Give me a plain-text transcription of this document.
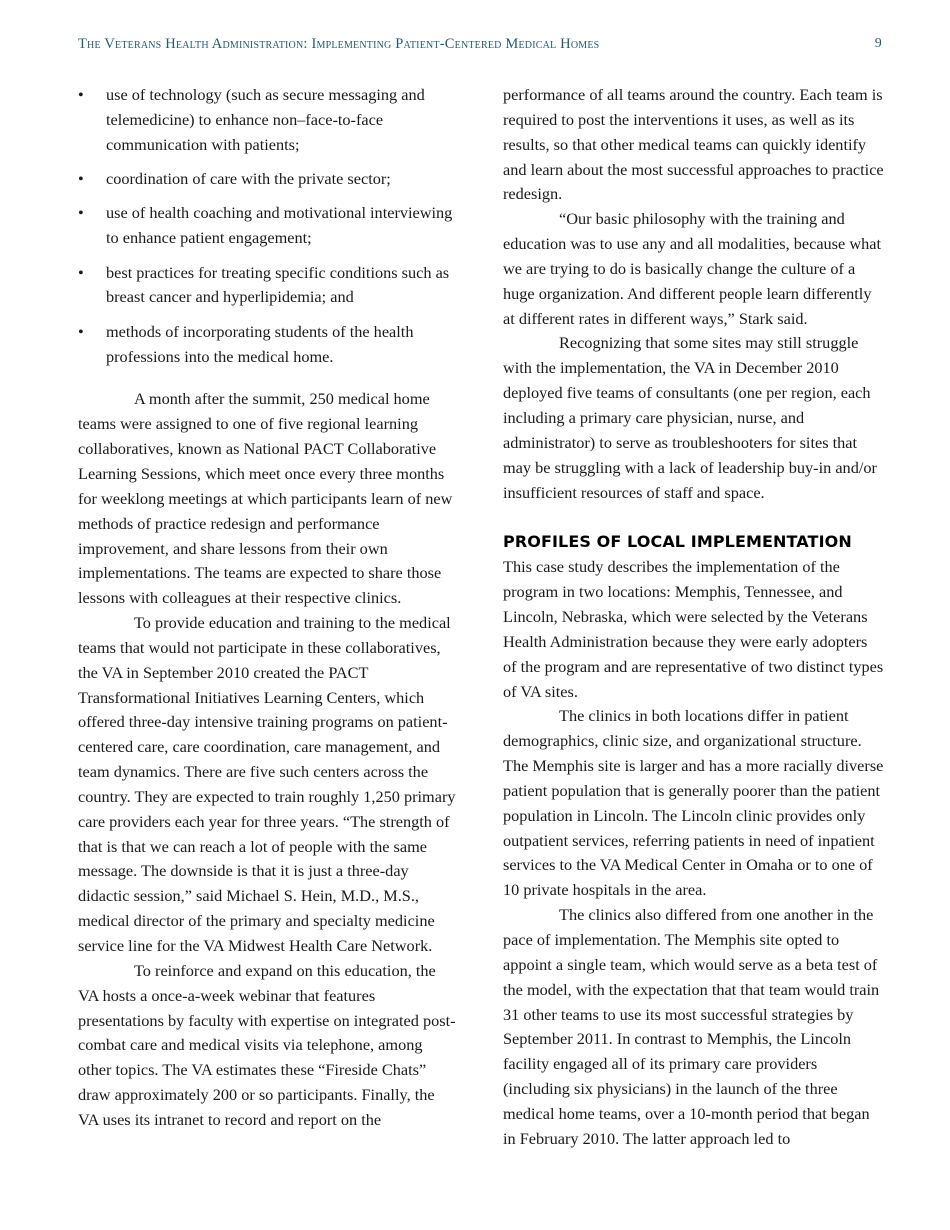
The Veterans Health Administration: Implementing Patient-Centered Medical Homes	9
• use of technology (such as secure messaging and telemedicine) to enhance non–face-to-face communication with patients;
• coordination of care with the private sector;
• use of health coaching and motivational interviewing to enhance patient engagement;
• best practices for treating specific conditions such as breast cancer and hyperlipidemia; and
• methods of incorporating students of the health professions into the medical home.

A month after the summit, 250 medical home teams were assigned to one of five regional learning collaboratives, known as National PACT Collaborative Learning Sessions, which meet once every three months for weeklong meetings at which participants learn of new methods of practice redesign and performance improvement, and share lessons from their own implementations. The teams are expected to share those lessons with colleagues at their respective clinics.

To provide education and training to the medical teams that would not participate in these collaboratives, the VA in September 2010 created the PACT Transformational Initiatives Learning Centers, which offered three-day intensive training programs on patient-centered care, care coordination, care management, and team dynamics. There are five such centers across the country. They are expected to train roughly 1,250 primary care providers each year for three years. “The strength of that is that we can reach a lot of people with the same message. The downside is that it is just a three-day didactic session,” said Michael S. Hein, M.D., M.S., medical director of the primary and specialty medicine service line for the VA Midwest Health Care Network.

To reinforce and expand on this education, the VA hosts a once-a-week webinar that features presentations by faculty with expertise on integrated post-combat care and medical visits via telephone, among other topics. The VA estimates these “Fireside Chats” draw approximately 200 or so participants. Finally, the VA uses its intranet to record and report on the

performance of all teams around the country. Each team is required to post the interventions it uses, as well as its results, so that other medical teams can quickly identify and learn about the most successful approaches to practice redesign.

“Our basic philosophy with the training and education was to use any and all modalities, because what we are trying to do is basically change the culture of a huge organization. And different people learn differently at different rates in different ways,” Stark said.

Recognizing that some sites may still struggle with the implementation, the VA in December 2010 deployed five teams of consultants (one per region, each including a primary care physician, nurse, and administrator) to serve as troubleshooters for sites that may be struggling with a lack of leadership buy-in and/or insufficient resources of staff and space.

PROFILES OF LOCAL IMPLEMENTATION

This case study describes the implementation of the program in two locations: Memphis, Tennessee, and Lincoln, Nebraska, which were selected by the Veterans Health Administration because they were early adopters of the program and are representative of two distinct types of VA sites.

The clinics in both locations differ in patient demographics, clinic size, and organizational structure. The Memphis site is larger and has a more racially diverse patient population that is generally poorer than the patient population in Lincoln. The Lincoln clinic provides only outpatient services, referring patients in need of inpatient services to the VA Medical Center in Omaha or to one of 10 private hospitals in the area.

The clinics also differed from one another in the pace of implementation. The Memphis site opted to appoint a single team, which would serve as a beta test of the model, with the expectation that that team would train 31 other teams to use its most successful strategies by September 2011. In contrast to Memphis, the Lincoln facility engaged all of its primary care providers (including six physicians) in the launch of the three medical home teams, over a 10-month period that began in February 2010. The latter approach led to
